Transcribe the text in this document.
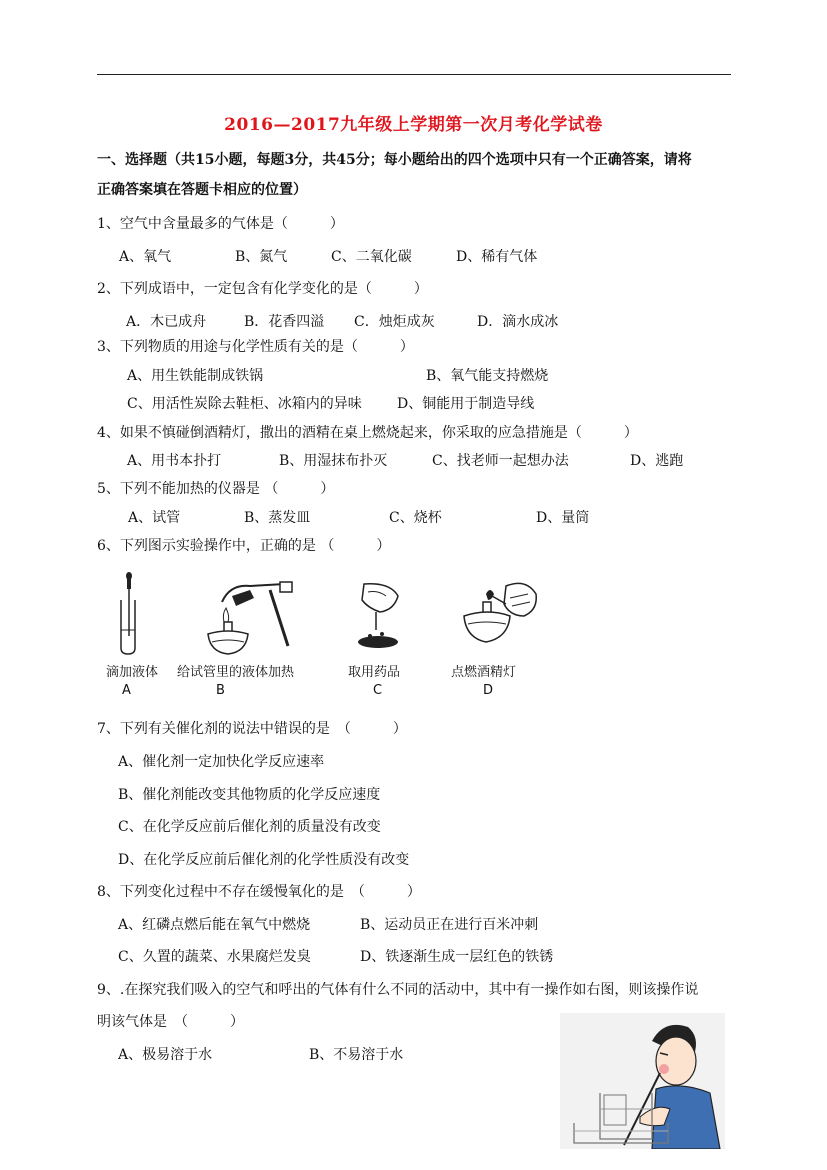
2016—2017九年级上学期第一次月考化学试卷
一、选择题（共15小题，每题3分，共45分；每小题给出的四个选项中只有一个正确答案，请将
正确答案填在答题卡相应的位置）
1、空气中含量最多的气体是（　　　）
A、氧气	B、氮气	C、二氧化碳	D、稀有气体
2、下列成语中，一定包含有化学变化的是（　　　）
A．木已成舟	B．花香四溢 C．烛炬成灰	D．滴水成冰
3、下列物质的用途与化学性质有关的是（　　　）
A、用生铁能制成铁锅	B、氧气能支持燃烧
C、用活性炭除去鞋柜、冰箱内的异味	D、铜能用于制造导线
4、如果不慎碰倒酒精灯，撒出的酒精在桌上燃烧起来，你采取的应急措施是（　　　）
A、用书本扑打	B、用湿抹布扑灭	C、找老师一起想办法	D、逃跑
5、下列不能加热的仪器是 （　　　）
A、试管	B、蒸发皿	C、烧杯	D、量筒
6、下列图示实验操作中，正确的是 （　　　）
滴加液体 给试管里的液体加热	取用药品	点燃酒精灯
A	B	C	D
7、下列有关催化剂的说法中错误的是　（　　　）
A、催化剂一定加快化学反应速率
B、催化剂能改变其他物质的化学反应速度
C、在化学反应前后催化剂的质量没有改变
D、在化学反应前后催化剂的化学性质没有改变
8、下列变化过程中不存在缓慢氧化的是　（　　　）
A、红磷点燃后能在氧气中燃烧	B、运动员正在进行百米冲刺
C、久置的蔬菜、水果腐烂发臭	D、铁逐渐生成一层红色的铁锈
9、.在探究我们吸入的空气和呼出的气体有什么不同的活动中，其中有一操作如右图，则该操作说
明该气体是　（　　　）
A、极易溶于水	B、不易溶于水
